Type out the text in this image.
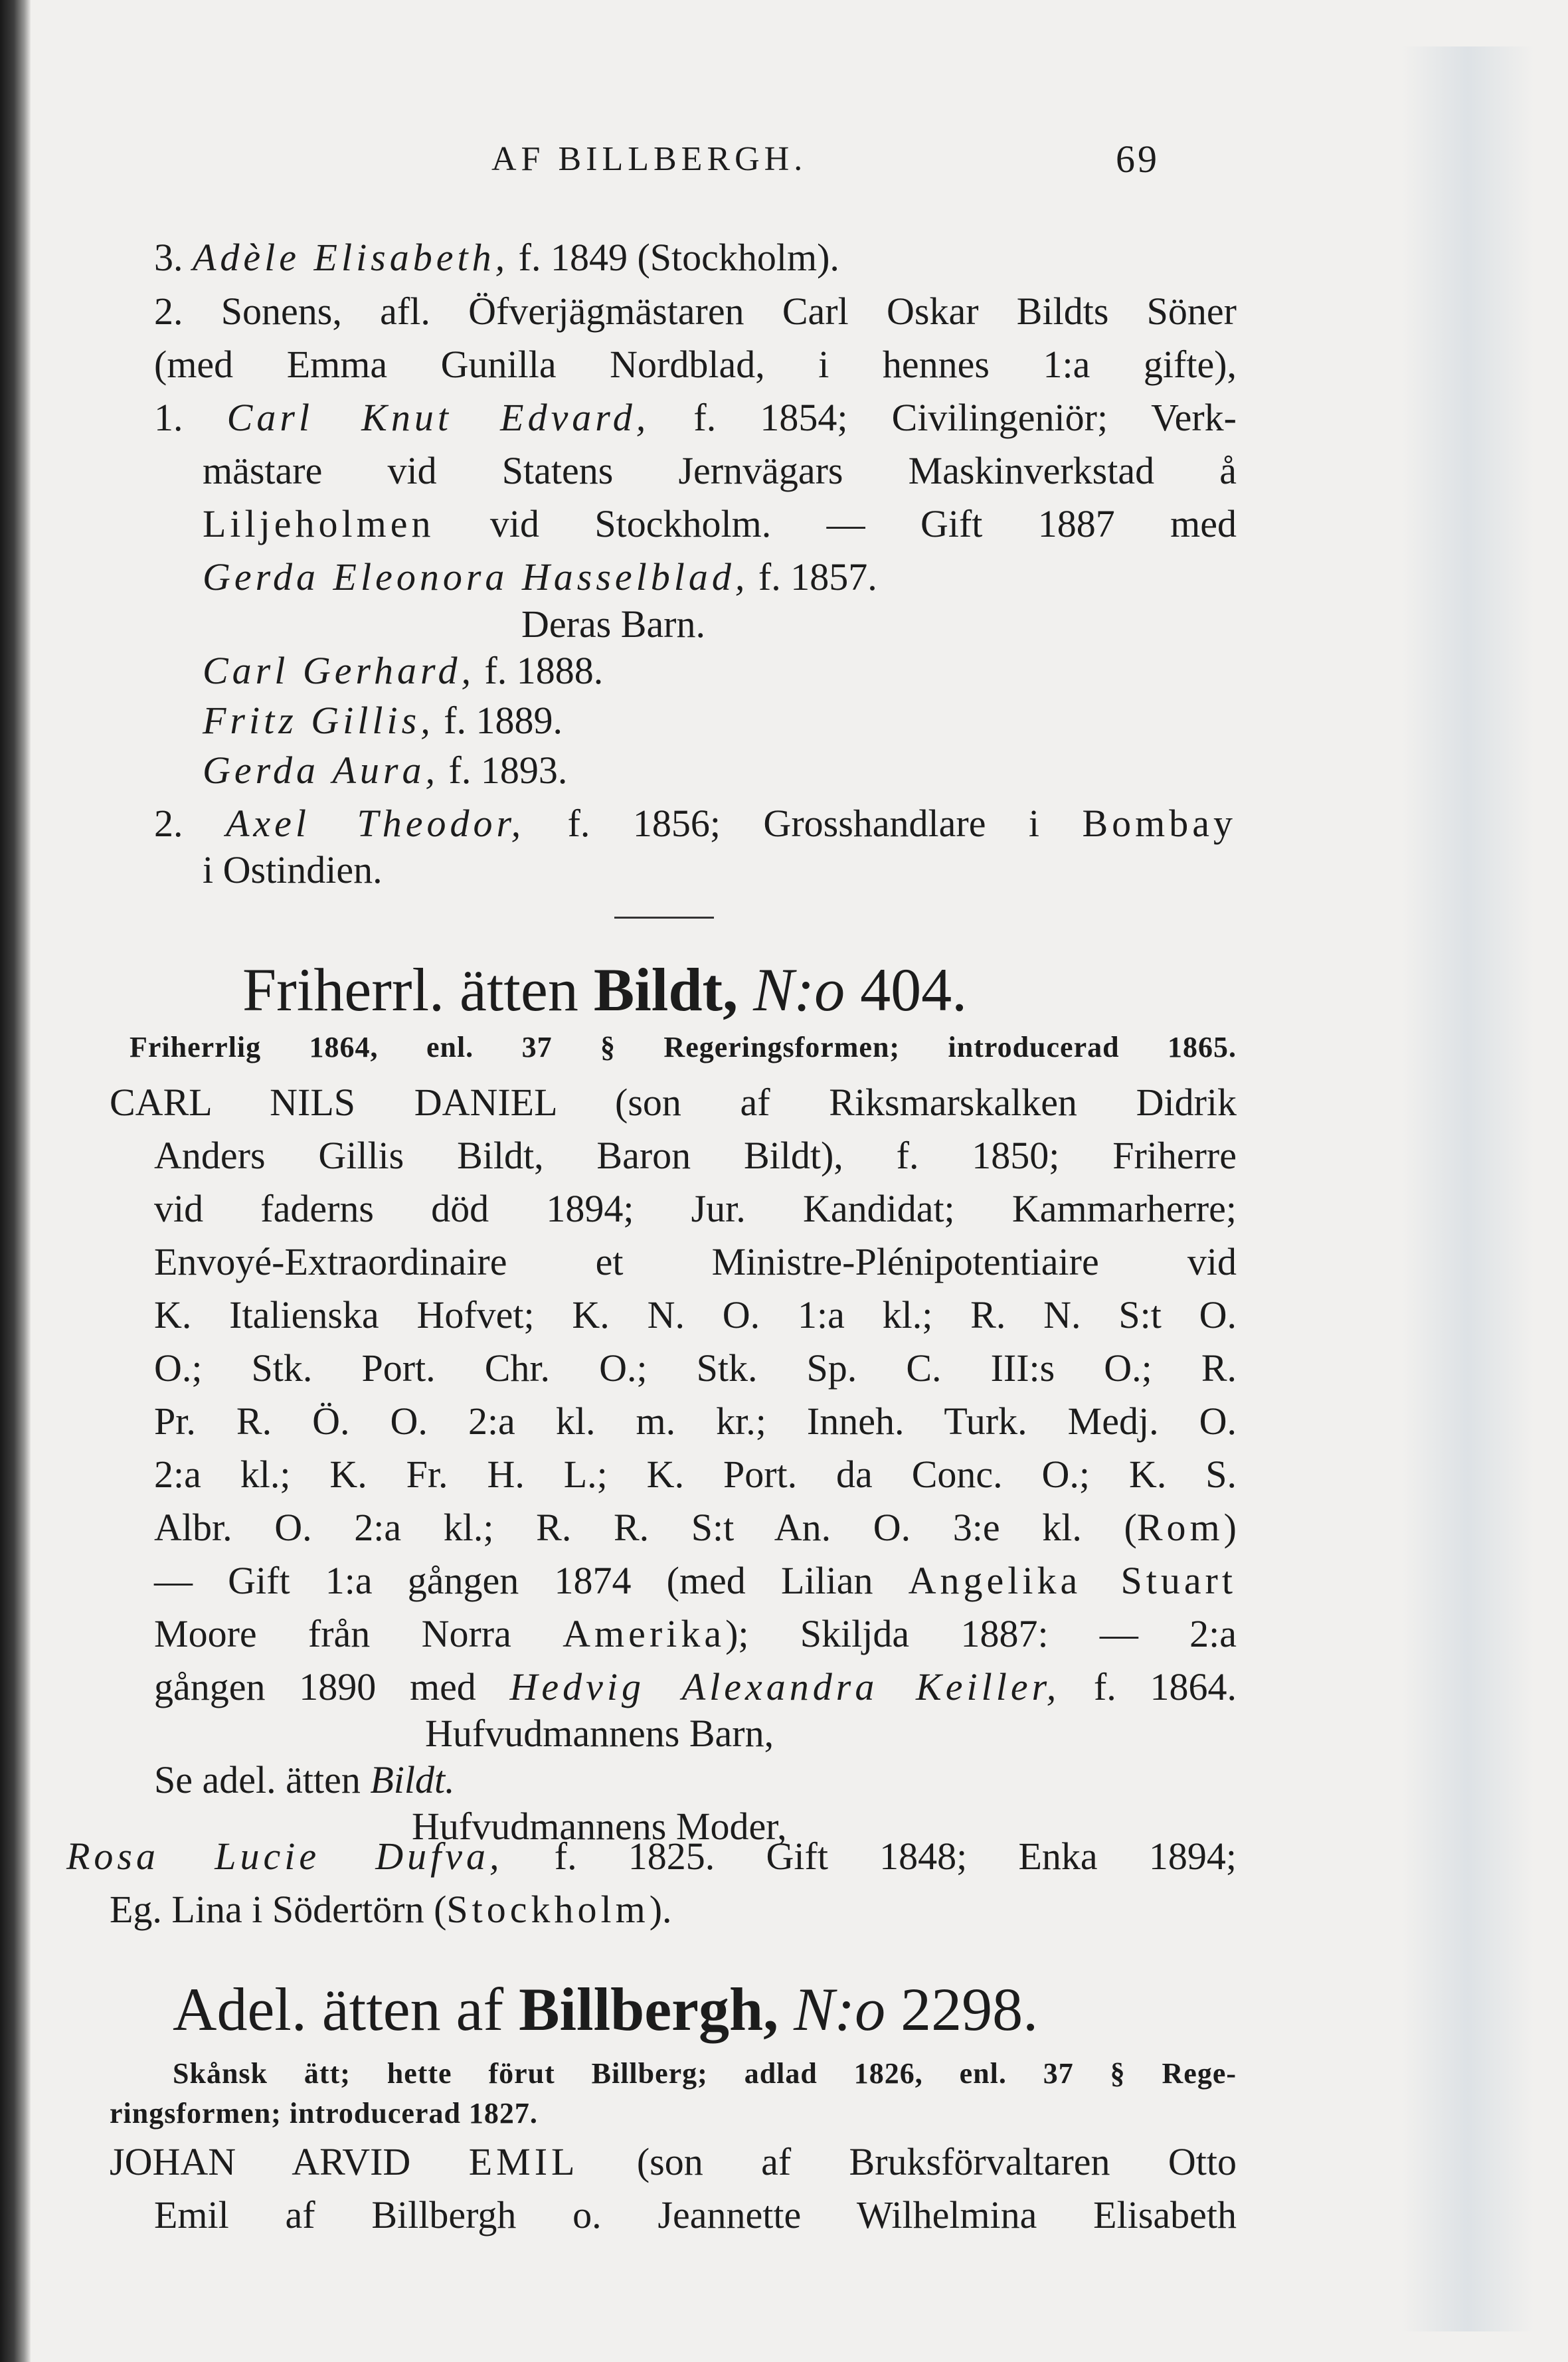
AF BILLBERGH.	69
3. Adèle Elisabeth, f. 1849 (Stockholm).
2. Sonens, afl. Öfverjägmästaren Carl Oskar Bildts Söner
(med Emma Gunilla Nordblad, i hennes 1:a gifte),
1. Carl Knut Edvard, f. 1854; Civilingeniör; Verk-
mästare vid Statens Jernvägars Maskinverkstad å
Liljeholmen vid Stockholm. — Gift 1887 med
Gerda Eleonora Hasselblad, f. 1857.
Deras Barn.
Carl Gerhard, f. 1888.
Fritz Gillis, f. 1889.
Gerda Aura, f. 1893.
2. Axel Theodor, f. 1856; Grosshandlare i Bombay
i Ostindien.
Friherrl. ätten Bildt, N:o 404.
Friherrlig 1864, enl. 37 § Regeringsformen; introducerad 1865.
CARL NILS DANIEL (son af Riksmarskalken Didrik
Anders Gillis Bildt, Baron Bildt), f. 1850; Friherre
vid faderns död 1894; Jur. Kandidat; Kammarherre;
Envoyé-Extraordinaire et Ministre-Plénipotentiaire vid
K. Italienska Hofvet; K. N. O. 1:a kl.; R. N. S:t O.
O.; Stk. Port. Chr. O.; Stk. Sp. C. III:s O.; R.
Pr. R. Ö. O. 2:a kl. m. kr.; Inneh. Turk. Medj. O.
2:a kl.; K. Fr. H. L.; K. Port. da Conc. O.; K. S.
Albr. O. 2:a kl.; R. R. S:t An. O. 3:e kl. (Rom)
— Gift 1:a gången 1874 (med Lilian Angelika Stuart
Moore från Norra Amerika); Skiljda 1887: — 2:a
gången 1890 med Hedvig Alexandra Keiller, f. 1864.
Hufvudmannens Barn,
Se adel. ätten Bildt.
Hufvudmannens Moder,
Rosa Lucie Dufva, f. 1825. Gift 1848; Enka 1894;
Eg. Lina i Södertörn (Stockholm).
Adel. ätten af Billbergh, N:o 2298.
Skånsk ätt; hette förut Billberg; adlad 1826, enl. 37 § Rege-
ringsformen; introducerad 1827.
JOHAN ARVID EMIL (son af Bruksförvaltaren Otto
Emil af Billbergh o. Jeannette Wilhelmina Elisabeth
